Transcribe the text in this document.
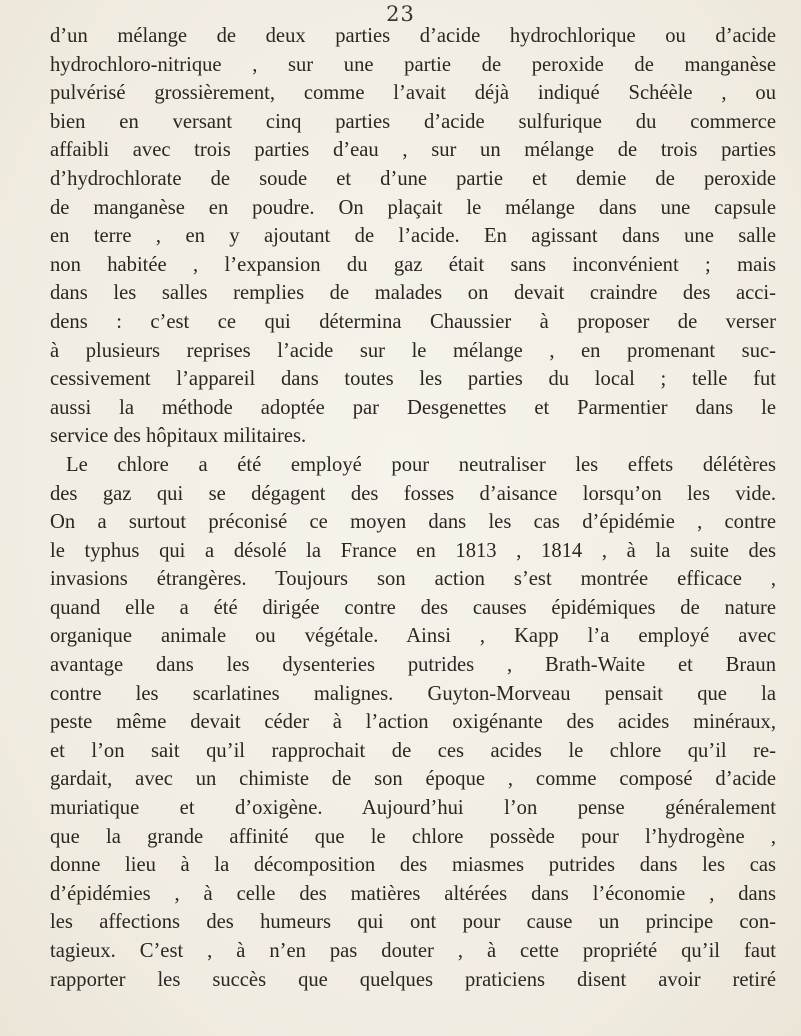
23
d’un mélange de deux parties d’acide hydrochlorique ou d’acide
hydrochloro-nitrique , sur une partie de peroxide de manganèse
pulvérisé grossièrement, comme l’avait déjà indiqué Schéèle , ou
bien en versant cinq parties d’acide sulfurique du commerce
affaibli avec trois parties d’eau , sur un mélange de trois parties
d’hydrochlorate de soude et d’une partie et demie de peroxide
de manganèse en poudre. On plaçait le mélange dans une capsule
en terre , en y ajoutant de l’acide. En agissant dans une salle
non habitée , l’expansion du gaz était sans inconvénient ; mais
dans les salles remplies de malades on devait craindre des acci-
dens : c’est ce qui détermina Chaussier à proposer de verser
à plusieurs reprises l’acide sur le mélange , en promenant suc-
cessivement l’appareil dans toutes les parties du local ; telle fut
aussi la méthode adoptée par Desgenettes et Parmentier dans le
service des hôpitaux militaires.
Le chlore a été employé pour neutraliser les effets délétères
des gaz qui se dégagent des fosses d’aisance lorsqu’on les vide.
On a surtout préconisé ce moyen dans les cas d’épidémie , contre
le typhus qui a désolé la France en 1813 , 1814 , à la suite des
invasions étrangères. Toujours son action s’est montrée efficace ,
quand elle a été dirigée contre des causes épidémiques de nature
organique animale ou végétale. Ainsi , Kapp l’a employé avec
avantage dans les dysenteries putrides , Brath-Waite et Braun
contre les scarlatines malignes. Guyton-Morveau pensait que la
peste même devait céder à l’action oxigénante des acides minéraux,
et l’on sait qu’il rapprochait de ces acides le chlore qu’il re-
gardait, avec un chimiste de son époque , comme composé d’acide
muriatique et d’oxigène. Aujourd’hui l’on pense généralement
que la grande affinité que le chlore possède pour l’hydrogène ,
donne lieu à la décomposition des miasmes putrides dans les cas
d’épidémies , à celle des matières altérées dans l’économie , dans
les affections des humeurs qui ont pour cause un principe con-
tagieux. C’est , à n’en pas douter , à cette propriété qu’il faut
rapporter les succès que quelques praticiens disent avoir retiré
